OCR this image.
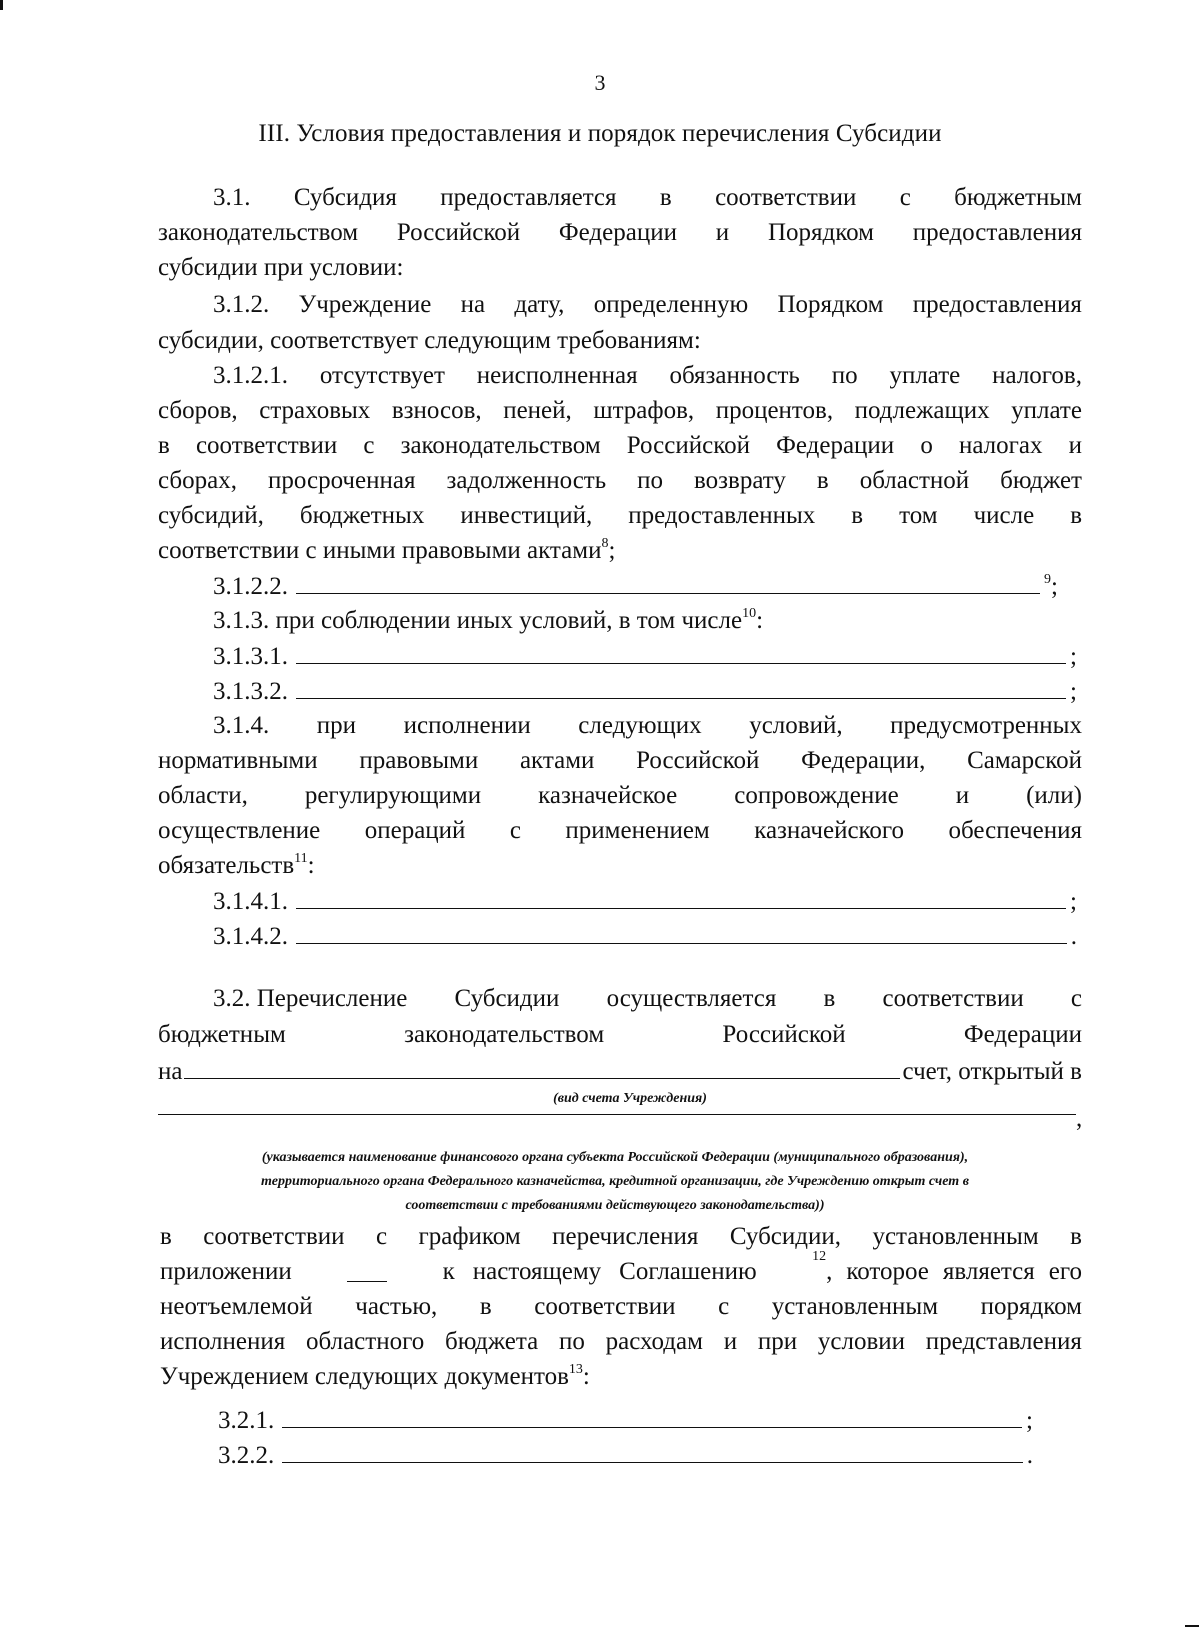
3
III. Условия предоставления и порядок перечисления Субсидии
3.1. Субсидия предоставляется в соответствии с бюджетным
законодательством Российской Федерации и Порядком предоставления
субсидии при условии:
3.1.2. Учреждение на дату, определенную Порядком предоставления
субсидии, соответствует следующим требованиям:
3.1.2.1. отсутствует неисполненная обязанность по уплате налогов,
сборов, страховых взносов, пеней, штрафов, процентов, подлежащих уплате
в соответствии с законодательством Российской Федерации о налогах и
сборах, просроченная задолженность по возврату в областной бюджет
субсидий, бюджетных инвестиций, предоставленных в том числе в
соответствии с иными правовыми актами$^8$;
3.1.2.2.	$^9$;
3.1.3. при соблюдении иных условий, в том числе$^{10}$:
3.1.3.1.	;
3.1.3.2.	;
3.1.4. при исполнении следующих условий, предусмотренных
нормативными правовыми актами Российской Федерации, Самарской
области, регулирующими казначейское сопровождение и (или)
осуществление операций с применением казначейского обеспечения
обязательств$^{11}$:
3.1.4.1.	;
3.1.4.2.	.
3.2. Перечисление Субсидии осуществляется в соответствии с
бюджетным	законодательством	Российской	Федерации
на	счет, открытый в
(вид счета Учреждения)
,
(указывается наименование финансового органа субъекта Российской Федерации (муниципального образования),
территориального органа Федерального казначейства, кредитной организации, где Учреждению открыт счет в
соответствии с требованиями действующего законодательства))
в соответствии с графиком перечисления Субсидии, установленным в
приложении	к настоящему Соглашению
12
, которое является его
неотъемлемой частью, в соответствии с установленным порядком
исполнения областного бюджета по расходам и при условии представления
Учреждением следующих документов$^{13}$:
3.2.1.	;
3.2.2.	.
